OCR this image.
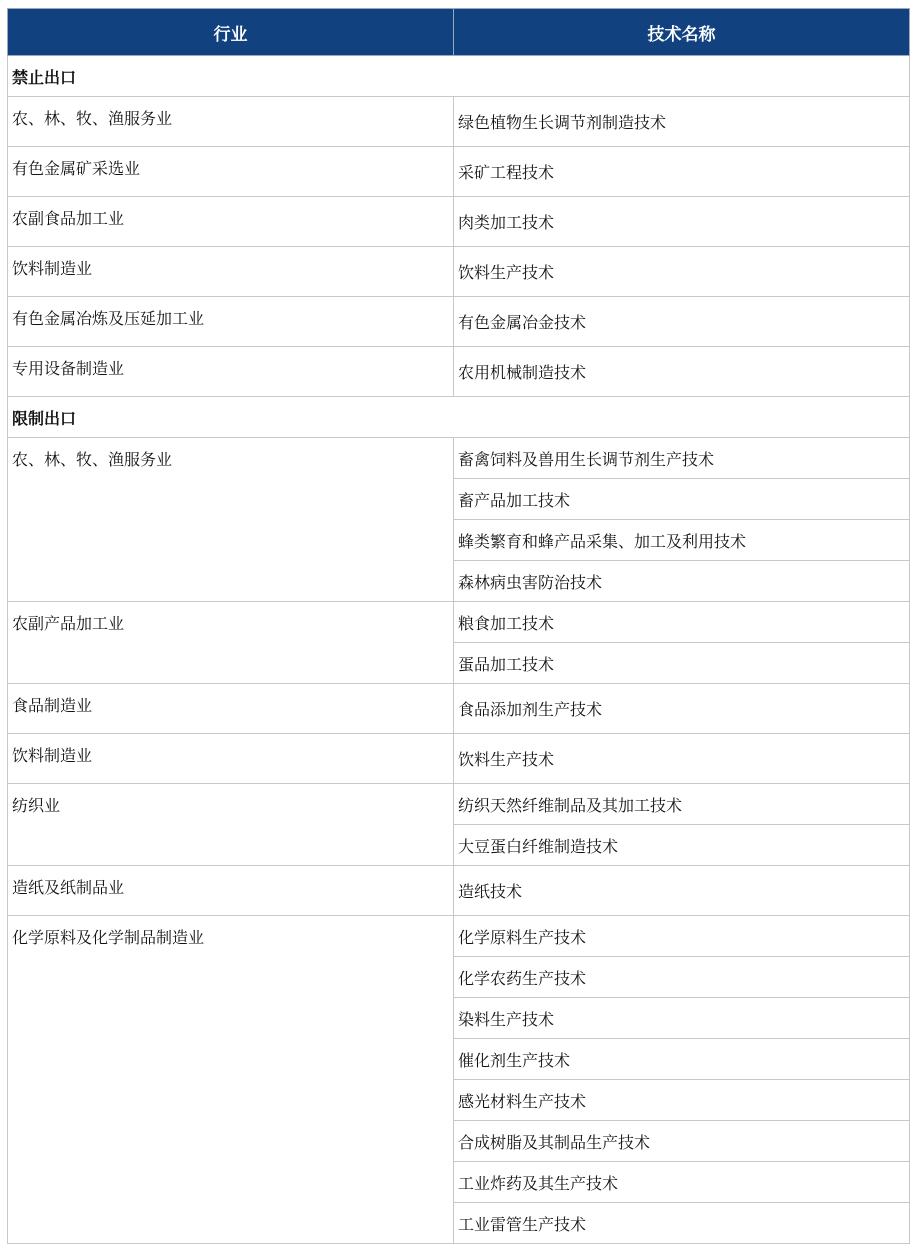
行业	技术名称
禁止出口	
农、林、牧、渔服务业	绿色植物生长调节剂制造技术
有色金属矿采选业	采矿工程技术
农副食品加工业	肉类加工技术
饮料制造业	饮料生产技术
有色金属冶炼及压延加工业	有色金属冶金技术
专用设备制造业	农用机械制造技术
限制出口	
农、林、牧、渔服务业	畜禽饲料及兽用生长调节剂生产技术
	畜产品加工技术
	蜂类繁育和蜂产品采集、加工及利用技术
	森林病虫害防治技术
农副产品加工业	粮食加工技术
	蛋品加工技术
食品制造业	食品添加剂生产技术
饮料制造业	饮料生产技术
纺织业	纺织天然纤维制品及其加工技术
	大豆蛋白纤维制造技术
造纸及纸制品业	造纸技术
化学原料及化学制品制造业	化学原料生产技术
	化学农药生产技术
	染料生产技术
	催化剂生产技术
	感光材料生产技术
	合成树脂及其制品生产技术
	工业炸药及其生产技术
	工业雷管生产技术
